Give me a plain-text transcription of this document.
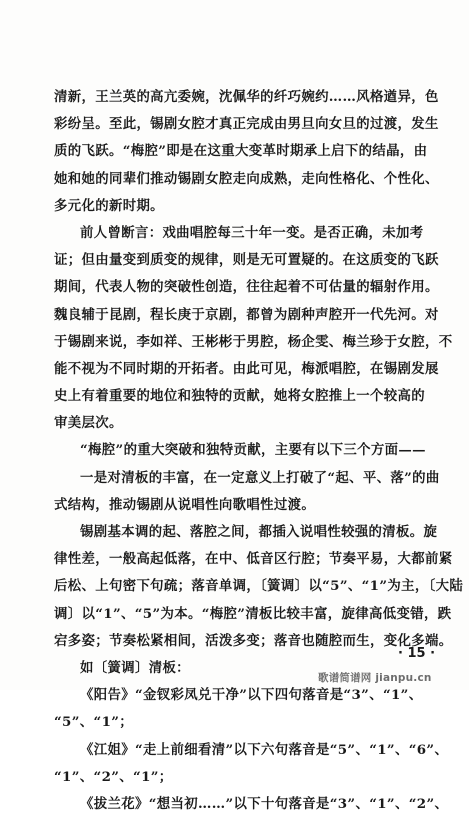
清新，王兰英的高亢委婉，沈佩华的纤巧婉约……风格遒异，色
彩纷呈。至此，锡剧女腔才真正完成由男旦向女旦的过渡，发生
质的飞跃。“梅腔”即是在这重大变革时期承上启下的结晶，由
她和她的同辈们推动锡剧女腔走向成熟，走向性格化、个性化、
多元化的新时期。
前人曾断言：戏曲唱腔每三十年一变。是否正确，未加考
证；但由量变到质变的规律，则是无可置疑的。在这质变的飞跃
期间，代表人物的突破性创造，往往起着不可估量的辐射作用。
魏良辅于昆剧，程长庚于京剧，都曾为剧种声腔开一代先河。对
于锡剧来说，李如祥、王彬彬于男腔，杨企雯、梅兰珍于女腔，不
能不视为不同时期的开拓者。由此可见，梅派唱腔，在锡剧发展
史上有着重要的地位和独特的贡献，她将女腔推上一个较高的
审美层次。
“梅腔”的重大突破和独特贡献，主要有以下三个方面——
一是对清板的丰富，在一定意义上打破了“起、平、落”的曲
式结构，推动锡剧从说唱性向歌唱性过渡。
锡剧基本调的起、落腔之间，都插入说唱性较强的清板。旋
律性差，一般高起低落，在中、低音区行腔；节奏平易，大都前紧
后松、上句密下句疏；落音单调，〔簧调〕以“5”、“1”为主，〔大陆
调〕以“1”、“5”为本。“梅腔”清板比较丰富，旋律高低变错，跌
宕多姿；节奏松紧相间，活泼多变；落音也随腔而生，变化多端。
如〔簧调〕清板：
《阳告》“金钗彩凤兑干净”以下四句落音是“3”、“1”、
“5”、“1”；
《江姐》“走上前细看清”以下六句落音是“5”、“1”、“6”、
“1”、“2”、“1”；
《拔兰花》“想当初……”以下十句落音是“3”、“1”、“2”、
· 15 ·
歌谱简谱网 jianpu.cn
